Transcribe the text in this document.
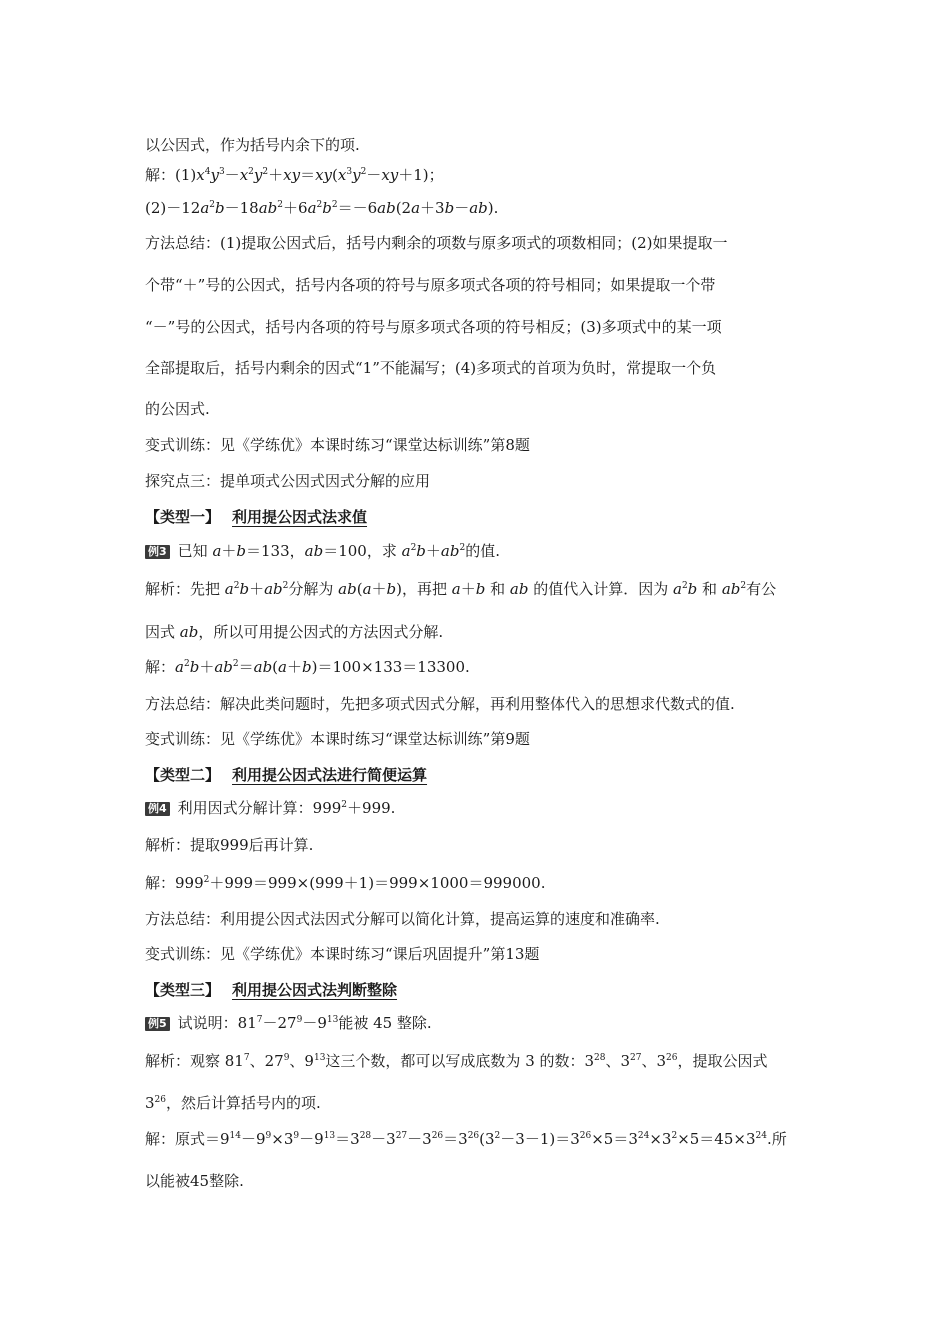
以公因式，作为括号内余下的项.
解：$(1)x^4y^3-x^2y^2+xy=xy(x^3y^2-xy+1)$；
$(2)-12a^2b-18ab^2+6a^2b^2=-6ab(2a+3b-ab)$.
方法总结：(1)提取公因式后，括号内剩余的项数与原多项式的项数相同；(2)如果提取一
个带“＋”号的公因式，括号内各项的符号与原多项式各项的符号相同；如果提取一个带
“－”号的公因式，括号内各项的符号与原多项式各项的符号相反；(3)多项式中的某一项
全部提取后，括号内剩余的因式“1”不能漏写；(4)多项式的首项为负时，常提取一个负
的公因式.
变式训练：见《学练优》本课时练习“课堂达标训练”第8题
探究点三：提单项式公因式因式分解的应用
【类型一】 利用提公因式法求值
例3 已知 a＋b＝133，ab＝100，求 $a^2b+ab^2$的值.
解析：先把 $a^2b+ab^2$分解为 ab(a＋b)，再把 a＋b 和 ab 的值代入计算．因为 $a^2b$ 和 $ab^2$有公
因式 ab，所以可用提公因式的方法因式分解.
解：$a^2b+ab^2=ab(a+b)=100\times 133=13300$.
方法总结：解决此类问题时，先把多项式因式分解，再利用整体代入的思想求代数式的值.
变式训练：见《学练优》本课时练习“课堂达标训练”第9题
【类型二】 利用提公因式法进行简便运算
例4 利用因式分解计算：$999^2+999$.
解析：提取999后再计算.
解：$999^2+999=999\times(999+1)=999\times 1000=999000$.
方法总结：利用提公因式法因式分解可以简化计算，提高运算的速度和准确率.
变式训练：见《学练优》本课时练习“课后巩固提升”第13题
【类型三】 利用提公因式法判断整除
例5 试说明：$81^7-27^9-9^{13}$能被 45 整除.
解析：观察 $81^7$、$27^9$、$9^{13}$这三个数，都可以写成底数为 3 的数：$3^{28}$、$3^{27}$、$3^{26}$，提取公因式
$3^{26}$，然后计算括号内的项.
解：原式$=9^{14}-9^9\times 3^9-9^{13}=3^{28}-3^{27}-3^{26}=3^{26}(3^2-3-1)=3^{26}\times 5=3^{24}\times 3^2\times 5=45\times 3^{24}$.所
以能被45整除.
